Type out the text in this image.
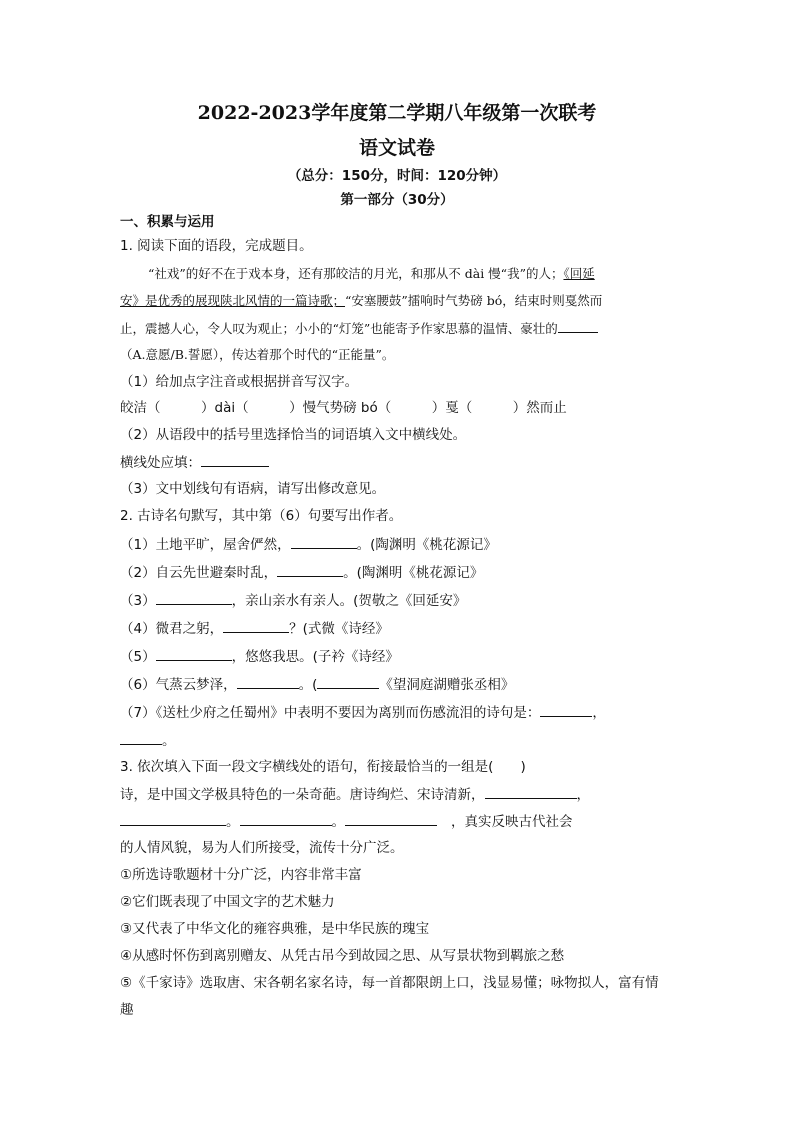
2022-2023学年度第二学期八年级第一次联考
语文试卷
（总分：150分，时间：120分钟）
第一部分（30分）
一、积累与运用
1. 阅读下面的语段，完成题目。
“社戏”的好不在于戏本身，还有那皎洁的月光，和那从不 dài 慢“我”的人；《回延
安》是优秀的展现陕北风情的一篇诗歌；“安塞腰鼓”擂响时气势磅 bó，结束时则戛然而
止，震撼人心，令人叹为观止；小小的“灯笼”也能寄予作家思慕的温情、豪壮的
（A.意愿/B.誓愿），传达着那个时代的“正能量”。
（1）给加点字注音或根据拼音写汉字。
皎洁（　　　）dài（　　　）慢气势磅 bó（　　　）戛（　　　）然而止
（2）从语段中的括号里选择恰当的词语填入文中横线处。
横线处应填：
（3）文中划线句有语病，请写出修改意见。
2. 古诗名句默写，其中第（6）句要写出作者。
（1）土地平旷，屋舍俨然，	。(陶渊明《桃花源记》
（2）自云先世避秦时乱，	。(陶渊明《桃花源记》
（3）	，亲山亲水有亲人。(贺敬之《回延安》
（4）微君之躬，	？(式微《诗经》
（5）	，悠悠我思。(子衿《诗经》
（6）气蒸云梦泽，	。(	《望洞庭湖赠张丞相》
（7）《送杜少府之任蜀州》中表明不要因为离别而伤感流泪的诗句是：	，
。
3. 依次填入下面一段文字横线处的语句，衔接最恰当的一组是(　　)
诗，是中国文学极具特色的一朵奇葩。唐诗绚烂、宋诗清新，	，
。	。	，真实反映古代社会
的人情风貌，易为人们所接受，流传十分广泛。
①所选诗歌题材十分广泛，内容非常丰富
②它们既表现了中国文字的艺术魅力
③又代表了中华文化的雍容典雅，是中华民族的瑰宝
④从感时怀伤到离别赠友、从凭古吊今到故园之思、从写景状物到羁旅之愁
⑤《千家诗》选取唐、宋各朝名家名诗，每一首都限朗上口，浅显易懂；咏物拟人，富有情
趣
